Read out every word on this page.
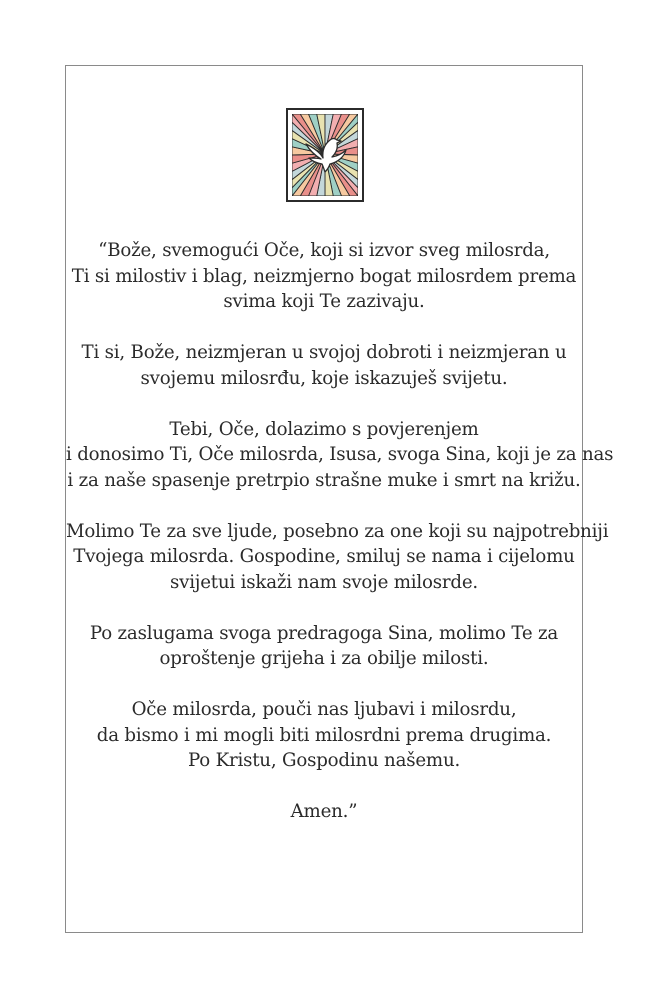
“Bože, svemogući Oče, koji si izvor sveg milosrda,
Ti si milostiv i blag, neizmjerno bogat milosrdem prema
svima koji Te zazivaju.

Ti si, Bože, neizmjeran u svojoj dobroti i neizmjeran u
svojemu milosrđu, koje iskazuješ svijetu.

Tebi, Oče, dolazimo s povjerenjem
i donosimo Ti, Oče milosrda, Isusa, svoga Sina, koji je za nas
i za naše spasenje pretrpio strašne muke i smrt na križu.

Molimo Te za sve ljude, posebno za one koji su najpotrebniji
Tvojega milosrda. Gospodine, smiluj se nama i cijelomu
svijetui iskaži nam svoje milosrde.

Po zaslugama svoga predragoga Sina, molimo Te za
oproštenje grijeha i za obilje milosti.

Oče milosrda, pouči nas ljubavi i milosrdu,
da bismo i mi mogli biti milosrdni prema drugima.
Po Kristu, Gospodinu našemu.

Amen.”
